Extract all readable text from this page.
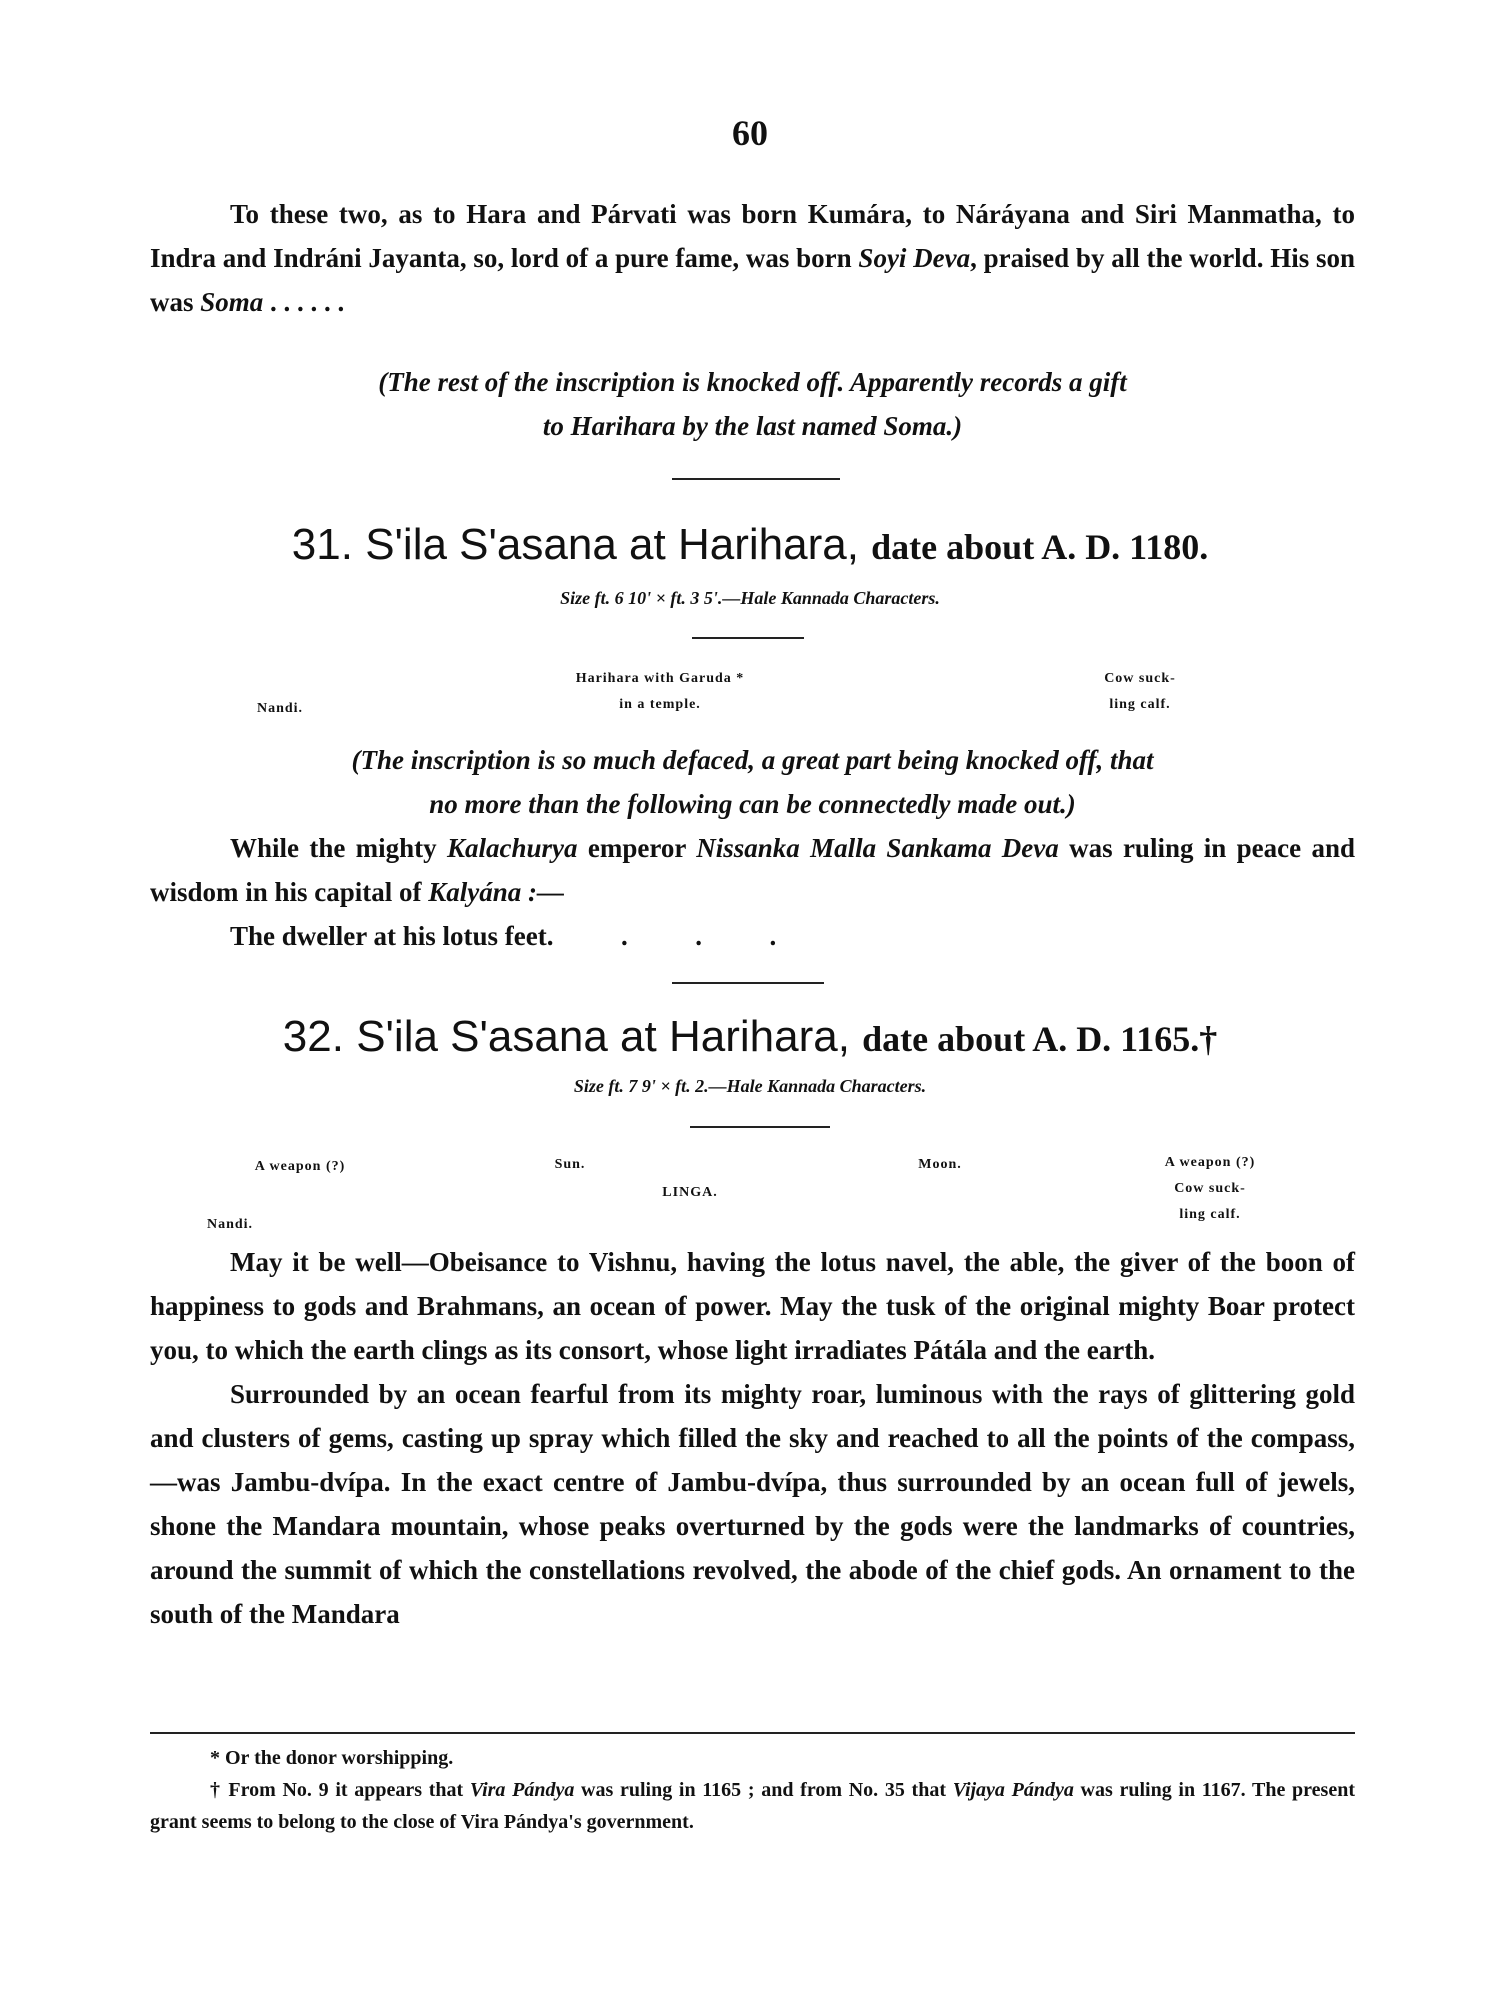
60

To these two, as to Hara and Párvati was born Kumára, to Náráyana and Siri Manmatha, to Indra and Indráni Jayanta, so, lord of a pure fame, was born Soyi Deva, praised by all the world. His son was Soma . . . . . .

(The rest of the inscription is knocked off. Apparently records a gift
to Harihara by the last named Soma.)
31. S'ila S'asana at Harihara, date about A. D. 1180.
Size ft. 6 10' × ft. 3 5'.—Hale Kannada Characters.
Nandi.
Harihara with Garuda *
in a temple.
Cow suck-
ling calf.
(The inscription is so much defaced, a great part being knocked off, that
no more than the following can be connectedly made out.)

While the mighty Kalachurya emperor Nissanka Malla Sankama Deva was ruling in peace and wisdom in his capital of Kalyána :—

The dweller at his lotus feet.          .          .          .

32. S'ila S'asana at Harihara, date about A. D. 1165.†
Size ft. 7 9' × ft. 2.—Hale Kannada Characters.
A weapon (?)	Sun.
LINGA.
Moon.	A weapon (?)
Cow suck-
ling calf.
Nandi.

May it be well—Obeisance to Vishnu, having the lotus navel, the able, the giver of the boon of happiness to gods and Brahmans, an ocean of power. May the tusk of the original mighty Boar protect you, to which the earth clings as its consort, whose light irradiates Pátála and the earth.

Surrounded by an ocean fearful from its mighty roar, luminous with the rays of glittering gold and clusters of gems, casting up spray which filled the sky and reached to all the points of the compass,—was Jambu-dvípa. In the exact centre of Jambu-dvípa, thus surrounded by an ocean full of jewels, shone the Mandara mountain, whose peaks overturned by the gods were the landmarks of countries, around the summit of which the constellations revolved, the abode of the chief gods. An ornament to the south of the Mandara

* Or the donor worshipping.

† From No. 9 it appears that Vira Pándya was ruling in 1165 ; and from No. 35 that Vijaya Pándya was ruling in 1167. The present grant seems to belong to the close of Vira Pándya's government.
